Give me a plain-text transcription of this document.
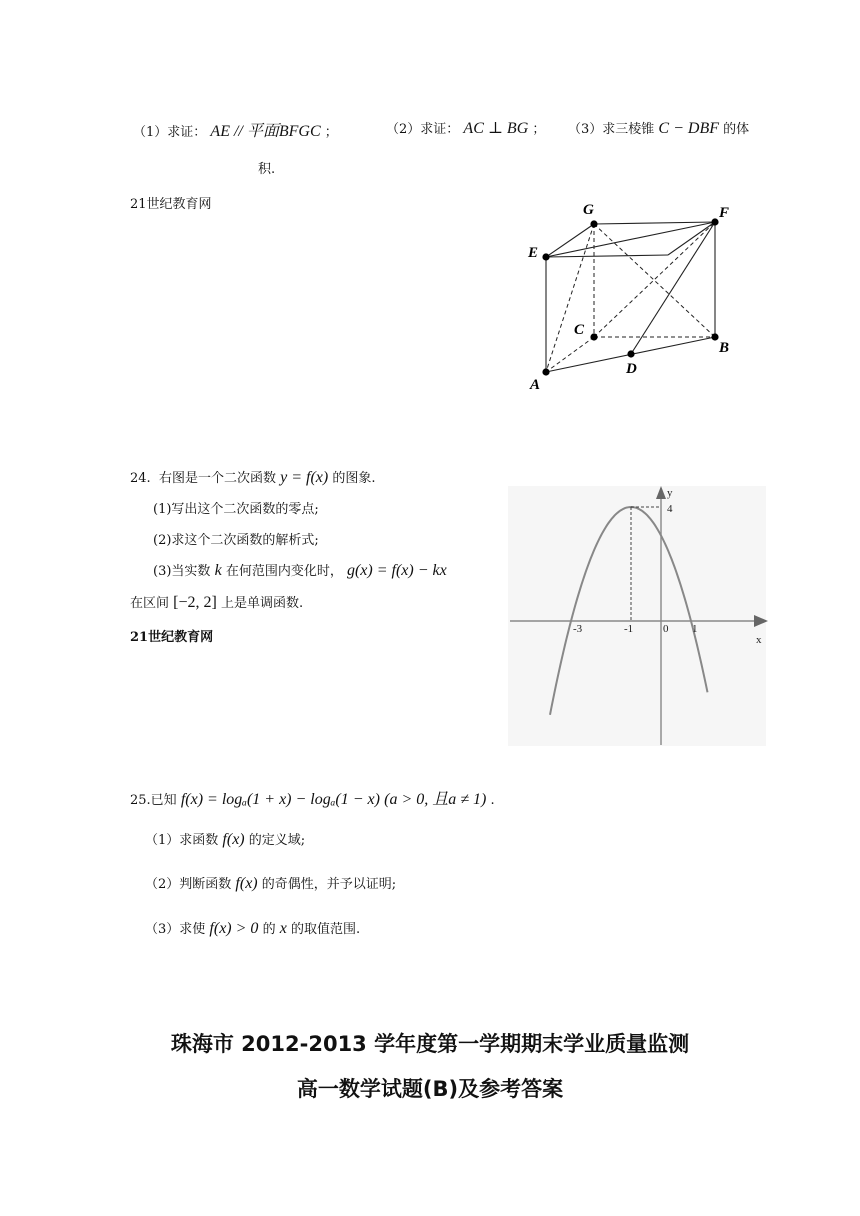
（1）求证： AE // 平面BFGC ；	（2）求证： AC ⊥ BG ； （3）求三棱锥 C − DBF 的体
积.
21世纪教育网	G	F
E
C
B
D
A
24. 右图是一个二次函数 y = f(x) 的图象.
(1)写出这个二次函数的零点;
(2)求这个二次函数的解析式;
(3)当实数 k 在何范围内变化时， g(x) = f(x) − kx
在区间 [−2, 2] 上是单调函数.
21世纪教育网
y
x
4
-3	-1	0 1
25.已知 f(x) = logₐ(1 + x) − logₐ(1 − x) (a > 0, 且a ≠ 1) .
（1）求函数 f(x) 的定义域;
（2）判断函数 f(x) 的奇偶性，并予以证明;
（3）求使 f(x) > 0 的 x 的取值范围.
珠海市 2012-2013 学年度第一学期期末学业质量监测
高一数学试题(B)及参考答案
